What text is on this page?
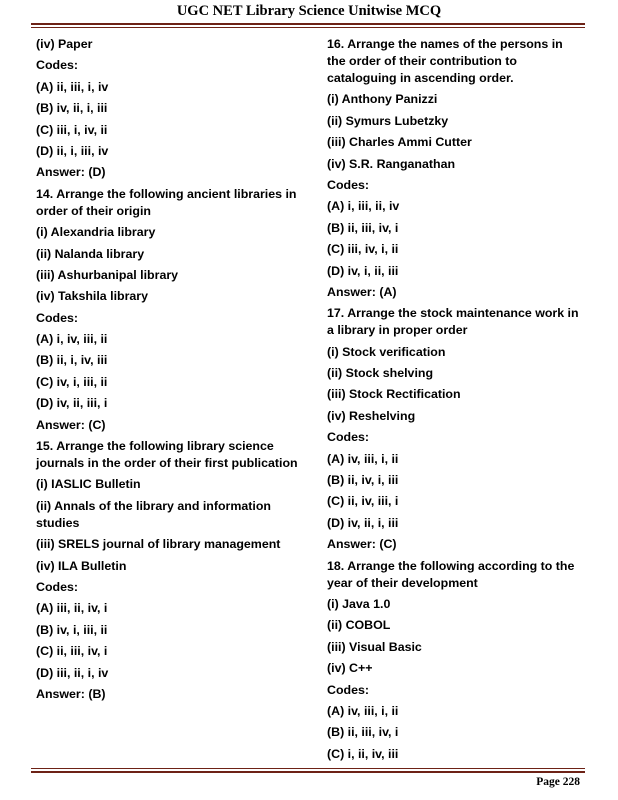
UGC NET Library Science Unitwise MCQ
(iv) Paper
Codes:
(A) ii, iii, i, iv
(B) iv, ii, i, iii
(C) iii, i, iv, ii
(D) ii, i, iii, iv
Answer: (D)
14. Arrange the following ancient libraries in order of their origin
(i) Alexandria library
(ii) Nalanda library
(iii) Ashurbanipal library
(iv) Takshila library
Codes:
(A) i, iv, iii, ii
(B) ii, i, iv, iii
(C) iv, i, iii, ii
(D) iv, ii, iii, i
Answer: (C)
15. Arrange the following library science journals in the order of their first publication
(i) IASLIC Bulletin
(ii) Annals of the library and information studies
(iii) SRELS journal of library management
(iv) ILA Bulletin
Codes:
(A) iii, ii, iv, i
(B) iv, i, iii, ii
(C) ii, iii, iv, i
(D) iii, ii, i, iv
Answer: (B)
16. Arrange the names of the persons in the order of their contribution to cataloguing in ascending order.
(i) Anthony Panizzi
(ii) Symurs Lubetzky
(iii) Charles Ammi Cutter
(iv) S.R. Ranganathan
Codes:
(A) i, iii, ii, iv
(B) ii, iii, iv, i
(C) iii, iv, i, ii
(D) iv, i, ii, iii
Answer: (A)
17. Arrange the stock maintenance work in a library in proper order
(i) Stock verification
(ii) Stock shelving
(iii) Stock Rectification
(iv) Reshelving
Codes:
(A) iv, iii, i, ii
(B) ii, iv, i, iii
(C) ii, iv, iii, i
(D) iv, ii, i, iii
Answer: (C)
18. Arrange the following according to the year of their development
(i) Java 1.0
(ii) COBOL
(iii) Visual Basic
(iv) C++
Codes:
(A) iv, iii, i, ii
(B) ii, iii, iv, i
(C) i, ii, iv, iii
Page 228
